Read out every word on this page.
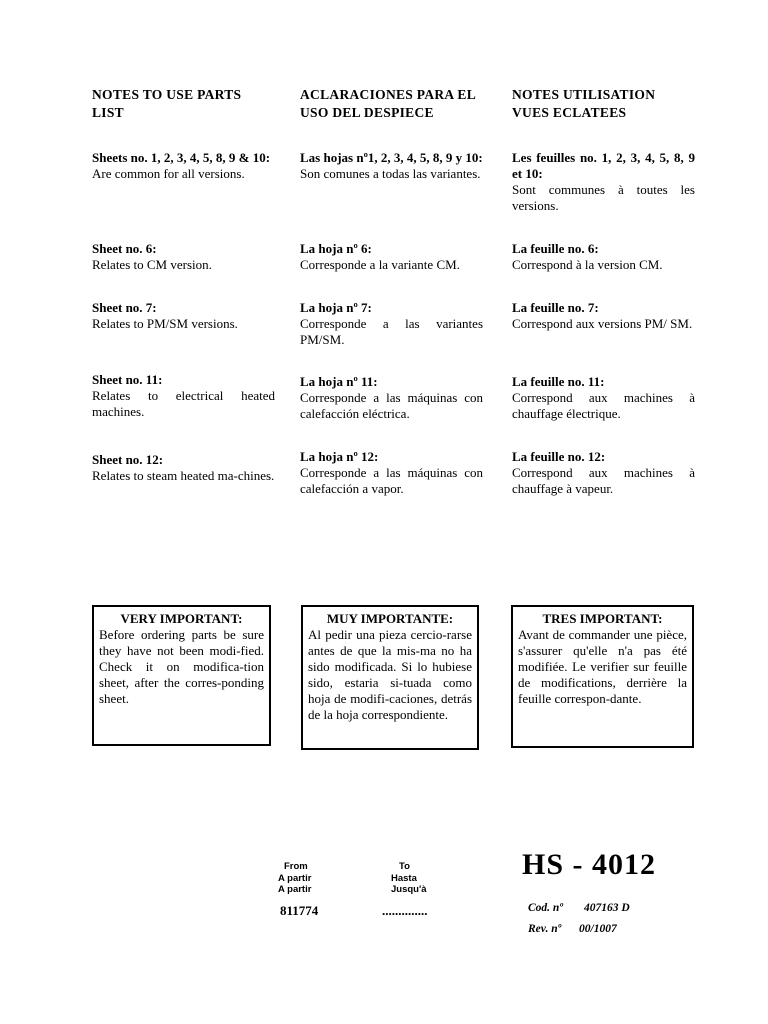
NOTES TO USE PARTS LIST
Sheets no. 1, 2, 3, 4, 5, 8, 9 & 10:
Are common for all versions.
Sheet no. 6:
Relates to CM version.
Sheet no. 7:
Relates to PM/SM versions.
Sheet no. 11:
Relates to electrical heated machines.
Sheet no. 12:
Relates to steam heated ma-chines.
ACLARACIONES PARA EL USO DEL DESPIECE
Las hojas nº1, 2, 3, 4, 5, 8, 9 y 10:
Son comunes a todas las variantes.
La hoja nº 6:
Corresponde a la variante CM.
La hoja nº 7:
Corresponde a las variantes PM/SM.
La hoja nº 11:
Corresponde a las máquinas con calefacción eléctrica.
La hoja nº 12:
Corresponde a las máquinas con calefacción a vapor.
NOTES UTILISATION VUES ECLATEES
Les feuilles no. 1, 2, 3, 4, 5, 8, 9 et 10:
Sont communes à toutes les versions.
La feuille no. 6:
Correspond à la version CM.
La feuille no. 7:
Correspond aux versions PM/ SM.
La feuille no. 11:
Correspond aux machines à chauffage électrique.
La feuille no. 12:
Correspond aux machines à chauffage à vapeur.
VERY IMPORTANT:
Before ordering parts be sure they have not been modi-fied. Check it on modifica-tion sheet, after the corres-ponding sheet.
MUY IMPORTANTE:
Al pedir una pieza cercio-rarse antes de que la mis-ma no ha sido modificada. Si lo hubiese sido, estaria si-tuada como hoja de modifi-caciones, detrás de la hoja correspondiente.
TRES IMPORTANT:
Avant de commander une pièce, s'assurer qu'elle n'a pas été modifiée. Le verifier sur feuille de modifications, derrière la feuille correspon-dante.
From
A partir
A partir
To
Hasta
Jusqu'à
811774	..............
HS - 4012
Cod. nº 407163 D
Rev. nº 00/1007
